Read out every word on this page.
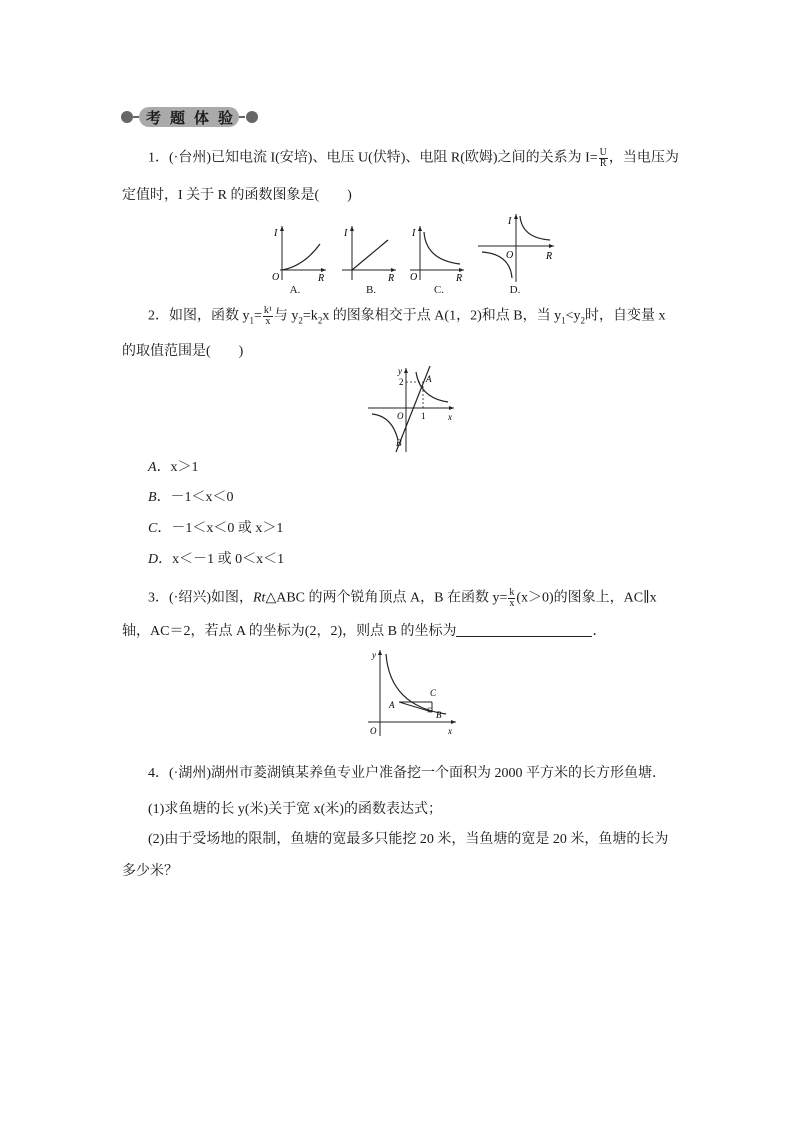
考 题 体 验
1．(·台州)已知电流 I(安培)、电压 U(伏特)、电阻 R(欧姆)之间的关系为 $I= \frac{U}{R}$ ，当电压为
定值时，I 关于 R 的函数图象是(　　)
I
R
O
A.
I
R
B.
I
R
O
C.
I
R
O
D.
2．如图，函数 $y_1= \frac{\text{k¹}}{x}$ 与 $y_2=k_2x$ 的图象相交于点 A(1，2)和点 B，当 $y_1<y_2$时，自变量 x
的取值范围是(　　)
y
x
O
A
B
1
2
A．x＞1
B．－1＜x＜0
C．－1＜x＜0 或 x＞1
D．x＜－1 或 0＜x＜1
3．(·绍兴)如图，Rt△ABC 的两个锐角顶点 A，B 在函数 $y= \frac{k}{x} (x>0)$的图象上，AC∥x
轴，AC＝2，若点 A 的坐标为(2，2)，则点 B 的坐标为	．
y
x
O
A
B
C
4．(·湖州)湖州市菱湖镇某养鱼专业户准备挖一个面积为 2000 平方米的长方形鱼塘．
(1)求鱼塘的长 y(米)关于宽 x(米)的函数表达式；
(2)由于受场地的限制，鱼塘的宽最多只能挖 20 米，当鱼塘的宽是 20 米，鱼塘的长为
多少米？
